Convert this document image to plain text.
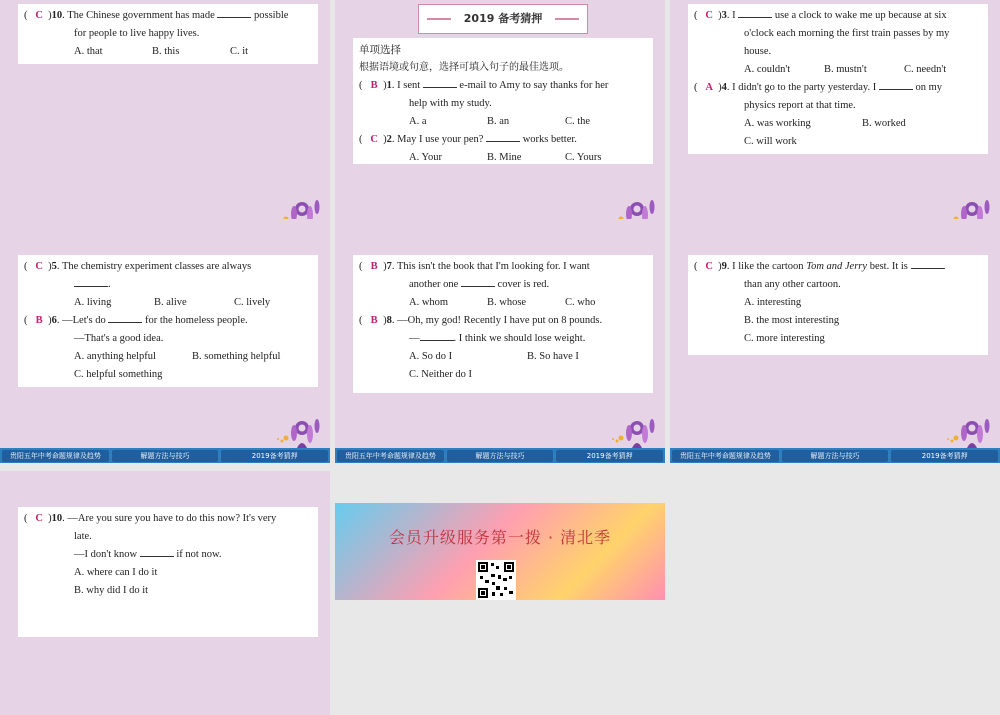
( C )10. The Chinese government has made	possible
for people to live happy lives.
A. that	B. this	C. it
2019 备考猜押
单项选择
根据语境或句意，选择可填入句子的最佳选项。
( B )1. I sent	e-mail to Amy to say thanks for her
help with my study.
A. a	B. an	C. the
( C )2. May I use your pen?	works better.
A. Your	B. Mine	C. Yours
( C )3. I	use a clock to wake me up because at six
o'clock each morning the first train passes by my
house.
A. couldn't	B. mustn't	C. needn't
( A )4. I didn't go to the party yesterday. I	on my
physics report at that time.
A. was working	B. worked
C. will work
( C )5. The chemistry experiment classes are always
.
A. living	B. alive	C. lively
( B )6. —Let's do	for the homeless people.
—That's a good idea.
A. anything helpful	B. something helpful
C. helpful something
贵阳五年中考命题规律及趋势	解题方法与技巧	2019备考猜押
( B )7. This isn't the book that I'm looking for. I want
another one	cover is red.
A. whom	B. whose	C. who
( B )8. —Oh, my god! Recently I have put on 8 pounds.
—	. I think we should lose weight.
A. So do I	B. So have I
C. Neither do I
贵阳五年中考命题规律及趋势	解题方法与技巧	2019备考猜押
( C )9. I like the cartoon Tom and Jerry best. It is
than any other cartoon.
A. interesting
B. the most interesting
C. more interesting
贵阳五年中考命题规律及趋势	解题方法与技巧	2019备考猜押
( C )10. —Are you sure you have to do this now? It's very
late.
—I don't know	if not now.
A. where can I do it
B. why did I do it
会员升级服务第一拨 · 清北季
